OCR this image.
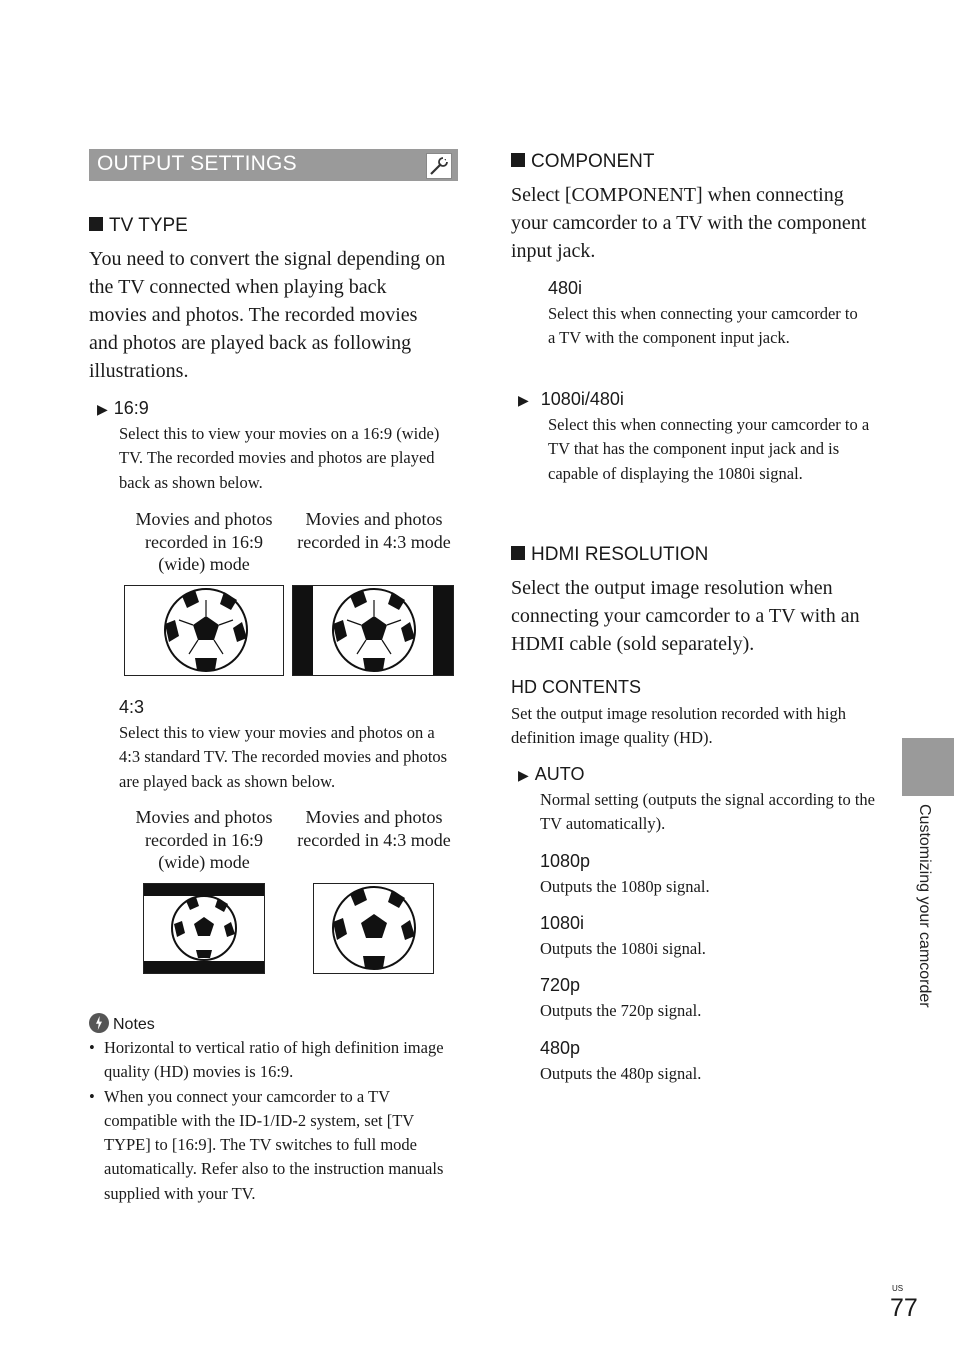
OUTPUT SETTINGS
TV TYPE
You need to convert the signal depending on the TV connected when playing back movies and photos. The recorded movies and photos are played back as following illustrations.
▶ 16:9
Select this to view your movies on a 16:9 (wide) TV. The recorded movies and photos are played back as shown below.
Movies and photos recorded in 16:9 (wide) mode
Movies and photos recorded in 4:3 mode
4:3
Select this to view your movies and photos on a 4:3 standard TV. The recorded movies and photos are played back as shown below.
Movies and photos recorded in 16:9 (wide) mode
Movies and photos recorded in 4:3 mode
Notes
• Horizontal to vertical ratio of high definition image quality (HD) movies is 16:9.
• When you connect your camcorder to a TV compatible with the ID-1/ID-2 system, set [TV TYPE] to [16:9]. The TV switches to full mode automatically. Refer also to the instruction manuals supplied with your TV.
COMPONENT
Select [COMPONENT] when connecting your camcorder to a TV with the component input jack.
480i
Select this when connecting your camcorder to a TV with the component input jack.
▶ 1080i/480i
Select this when connecting your camcorder to a TV that has the component input jack and is capable of displaying the 1080i signal.
HDMI RESOLUTION
Select the output image resolution when connecting your camcorder to a TV with an HDMI cable (sold separately).
HD CONTENTS
Set the output image resolution recorded with high definition image quality (HD).
▶ AUTO
Normal setting (outputs the signal according to the TV automatically).
1080p
Outputs the 1080p signal.
1080i
Outputs the 1080i signal.
720p
Outputs the 720p signal.
480p
Outputs the 480p signal.
Customizing your camcorder
US
77
